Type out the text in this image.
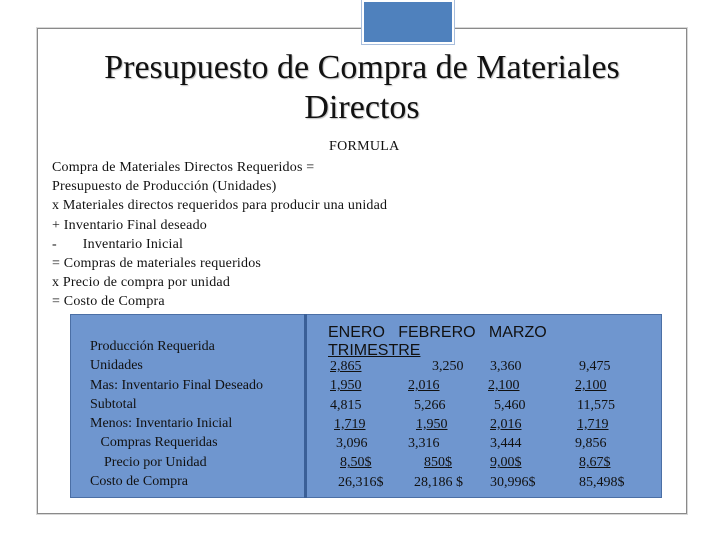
Presupuesto de Compra de Materiales
Directos
FORMULA
Compra de Materiales Directos Requeridos =
Presupuesto de Producción (Unidades)
x Materiales directos requeridos para producir una unidad
+ Inventario Final deseado
-       Inventario Inicial
= Compras de materiales requeridos
x Precio de compra por unidad
= Costo de Compra
Producción Requerida
Unidades
Mas: Inventario Final Deseado
Subtotal
Menos: Inventario Inicial
Compras Requeridas
Precio por Unidad
Costo de Compra
ENERO   FEBRERO   MARZO
TRIMESTRE
2,865
1,950
4,815
1,719
3,096
8,50$
26,316$
3,250
2,016
5,266
1,950
3,316
850$
28,186 $
3,360
2,100
5,460
2,016
3,444
9,00$
30,996$
9,475
2,100
11,575
1,719
9,856
8,67$
85,498$
